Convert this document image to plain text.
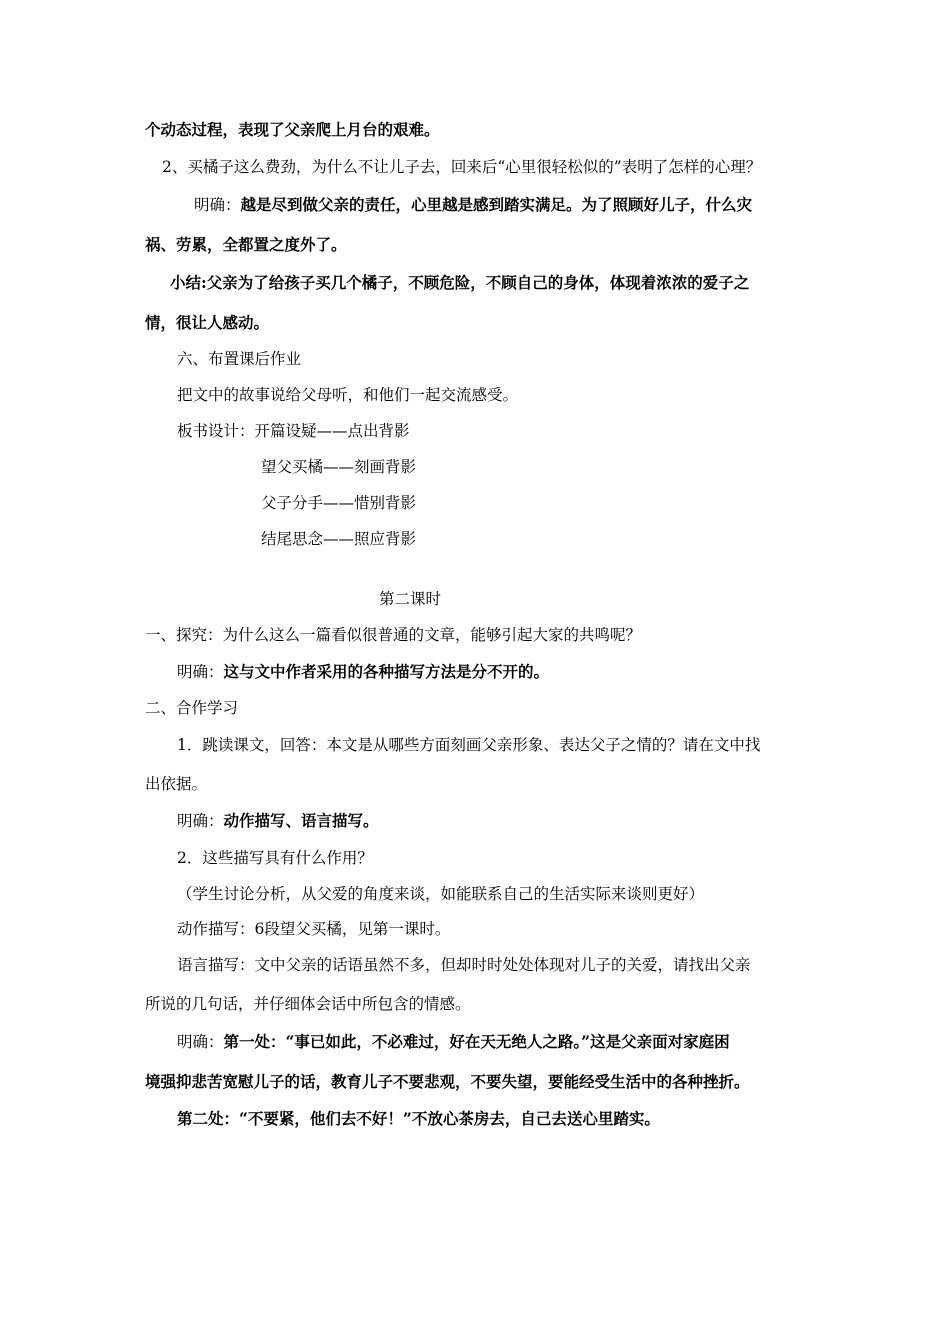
个动态过程，表现了父亲爬上月台的艰难。
2、买橘子这么费劲，为什么不让儿子去，回来后“心里很轻松似的”表明了怎样的心理？
明确：越是尽到做父亲的责任，心里越是感到踏实满足。为了照顾好儿子，什么灾
祸、劳累，全都置之度外了。
小结:父亲为了给孩子买几个橘子，不顾危险，不顾自己的身体，体现着浓浓的爱子之
情，很让人感动。
六、布置课后作业
把文中的故事说给父母听，和他们一起交流感受。
板书设计：开篇设疑——点出背影
望父买橘——刻画背影
父子分手——惜别背影
结尾思念——照应背影
第二课时
一、探究：为什么这么一篇看似很普通的文章，能够引起大家的共鸣呢？
明确：这与文中作者采用的各种描写方法是分不开的。
二、合作学习
1．跳读课文，回答：本文是从哪些方面刻画父亲形象、表达父子之情的？请在文中找
出依据。
明确：动作描写、语言描写。
2．这些描写具有什么作用？
（学生讨论分析，从父爱的角度来谈，如能联系自己的生活实际来谈则更好）
动作描写：6段望父买橘，见第一课时。
语言描写：文中父亲的话语虽然不多，但却时时处处体现对儿子的关爱，请找出父亲
所说的几句话，并仔细体会话中所包含的情感。
明确：第一处：“事已如此，不必难过，好在天无绝人之路。”这是父亲面对家庭困
境强抑悲苦宽慰儿子的话，教育儿子不要悲观，不要失望，要能经受生活中的各种挫折。
第二处：“不要紧，他们去不好！”不放心茶房去，自己去送心里踏实。
